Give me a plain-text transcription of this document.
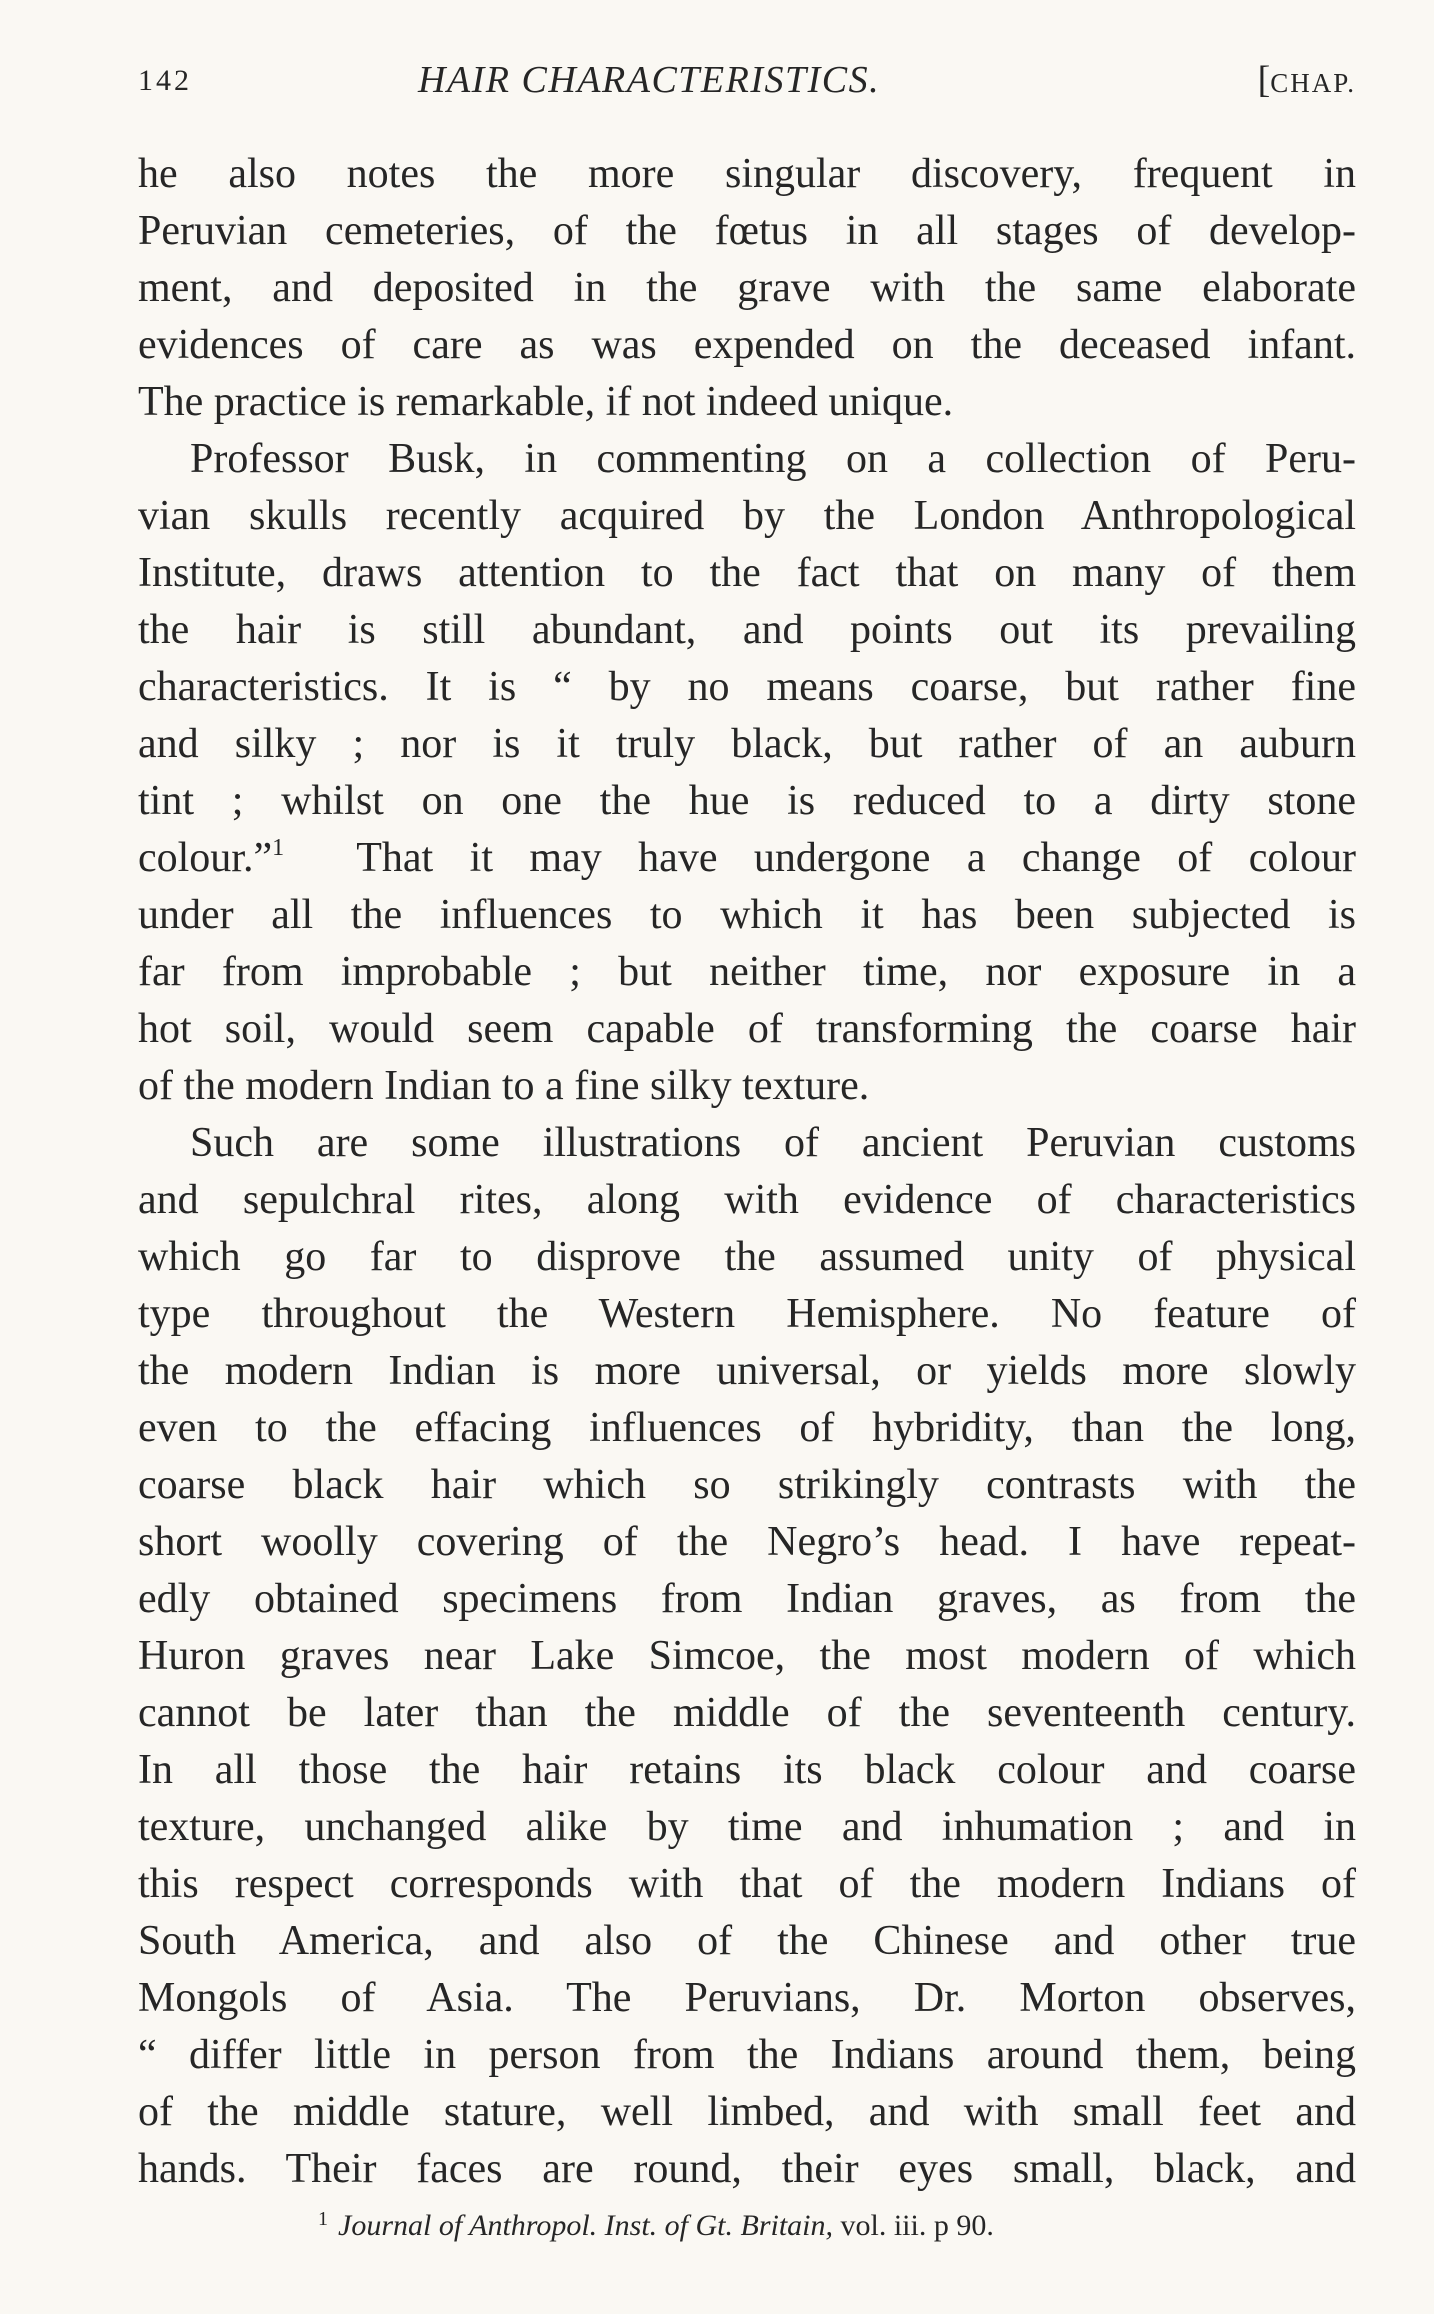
142	HAIR CHARACTERISTICS.	[CHAP.
he also notes the more singular discovery, frequent in
Peruvian cemeteries, of the fœtus in all stages of develop-
ment, and deposited in the grave with the same elaborate
evidences of care as was expended on the deceased infant.
The practice is remarkable, if not indeed unique.
Professor Busk, in commenting on a collection of Peru-
vian skulls recently acquired by the London Anthropological
Institute, draws attention to the fact that on many of them
the hair is still abundant, and points out its prevailing
characteristics. It is “ by no means coarse, but rather fine
and silky ; nor is it truly black, but rather of an auburn
tint ; whilst on one the hue is reduced to a dirty stone
colour.”$^1$ That it may have undergone a change of colour
under all the influences to which it has been subjected is
far from improbable ; but neither time, nor exposure in a
hot soil, would seem capable of transforming the coarse hair
of the modern Indian to a fine silky texture.
Such are some illustrations of ancient Peruvian customs
and sepulchral rites, along with evidence of characteristics
which go far to disprove the assumed unity of physical
type throughout the Western Hemisphere. No feature of
the modern Indian is more universal, or yields more slowly
even to the effacing influences of hybridity, than the long,
coarse black hair which so strikingly contrasts with the
short woolly covering of the Negro’s head. I have repeat-
edly obtained specimens from Indian graves, as from the
Huron graves near Lake Simcoe, the most modern of which
cannot be later than the middle of the seventeenth century.
In all those the hair retains its black colour and coarse
texture, unchanged alike by time and inhumation ; and in
this respect corresponds with that of the modern Indians of
South America, and also of the Chinese and other true
Mongols of Asia. The Peruvians, Dr. Morton observes,
“ differ little in person from the Indians around them, being
of the middle stature, well limbed, and with small feet and
hands. Their faces are round, their eyes small, black, and
$^1$ Journal of Anthropol. Inst. of Gt. Britain, vol. iii. p 90.
